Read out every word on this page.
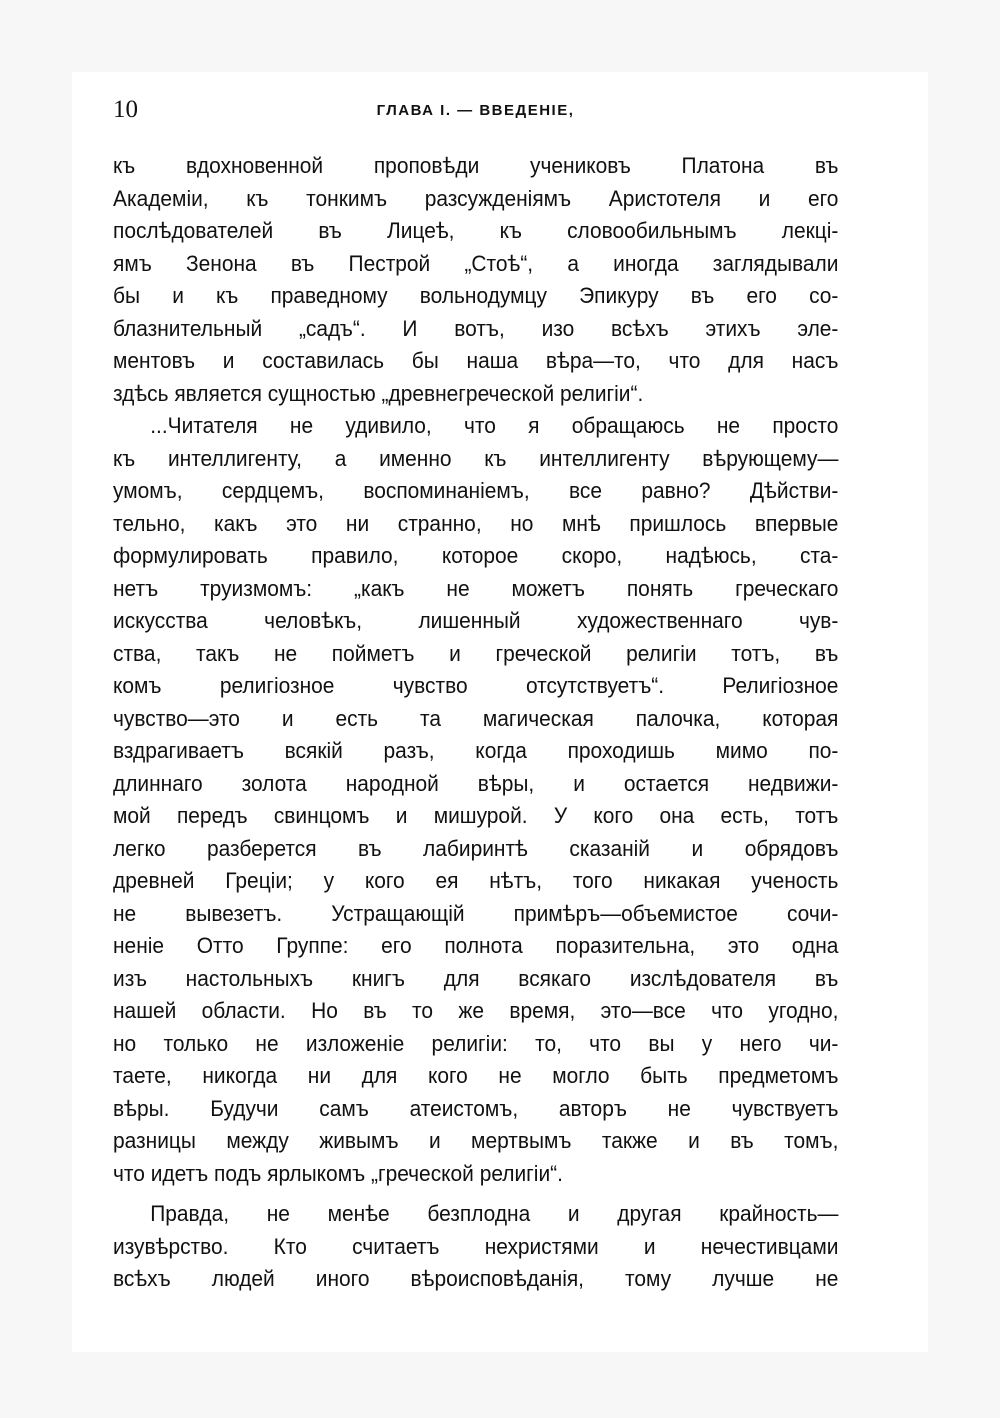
10	ГЛАВА I. — ВВЕДЕНІЕ,
къ вдохновенной проповѣди учениковъ Платона въ
Академіи, къ тонкимъ разсужденіямъ Аристотеля и его
послѣдователей въ Лицеѣ, къ словообильнымъ лекці-
ямъ Зенона въ Пестрой „Стоѣ“, а иногда заглядывали
бы и къ праведному вольнодумцу Эпикуру въ его со-
блазнительный „садъ“. И вотъ, изо всѣхъ этихъ эле-
ментовъ и составилась бы наша вѣра—то, что для насъ
здѣсь является сущностью „древнегреческой религіи“.
...Читателя не удивило, что я обращаюсь не просто
къ интеллигенту, а именно къ интеллигенту вѣрующему—
умомъ, сердцемъ, воспоминаніемъ, все равно? Дѣйстви-
тельно, какъ это ни странно, но мнѣ пришлось впервые
формулировать правило, которое скоро, надѣюсь, ста-
нетъ труизмомъ: „какъ не можетъ понять греческаго
искусства человѣкъ, лишенный художественнаго чув-
ства, такъ не пойметъ и греческой религіи тотъ, въ
комъ религіозное чувство отсутствуетъ“. Религіозное
чувство—это и есть та магическая палочка, которая
вздрагиваетъ всякій разъ, когда проходишь мимо по-
длиннаго золота народной вѣры, и остается недвижи-
мой передъ свинцомъ и мишурой. У кого она есть, тотъ
легко разберется въ лабиринтѣ сказаній и обрядовъ
древней Греціи; у кого ея нѣтъ, того никакая ученость
не вывезетъ. Устращающій примѣръ—объемистое сочи-
неніе Отто Группе: его полнота поразительна, это одна
изъ настольныхъ книгъ для всякаго изслѣдователя въ
нашей области. Но въ то же время, это—все что угодно,
но только не изложеніе религіи: то, что вы у него чи-
таете, никогда ни для кого не могло быть предметомъ
вѣры. Будучи самъ атеистомъ, авторъ не чувствуетъ
разницы между живымъ и мертвымъ также и въ томъ,
что идетъ подъ ярлыкомъ „греческой религіи“.
Правда, не менѣе безплодна и другая крайность—
изувѣрство. Кто считаетъ нехристями и нечестивцами
всѣхъ людей иного вѣроисповѣданія, тому лучше не
